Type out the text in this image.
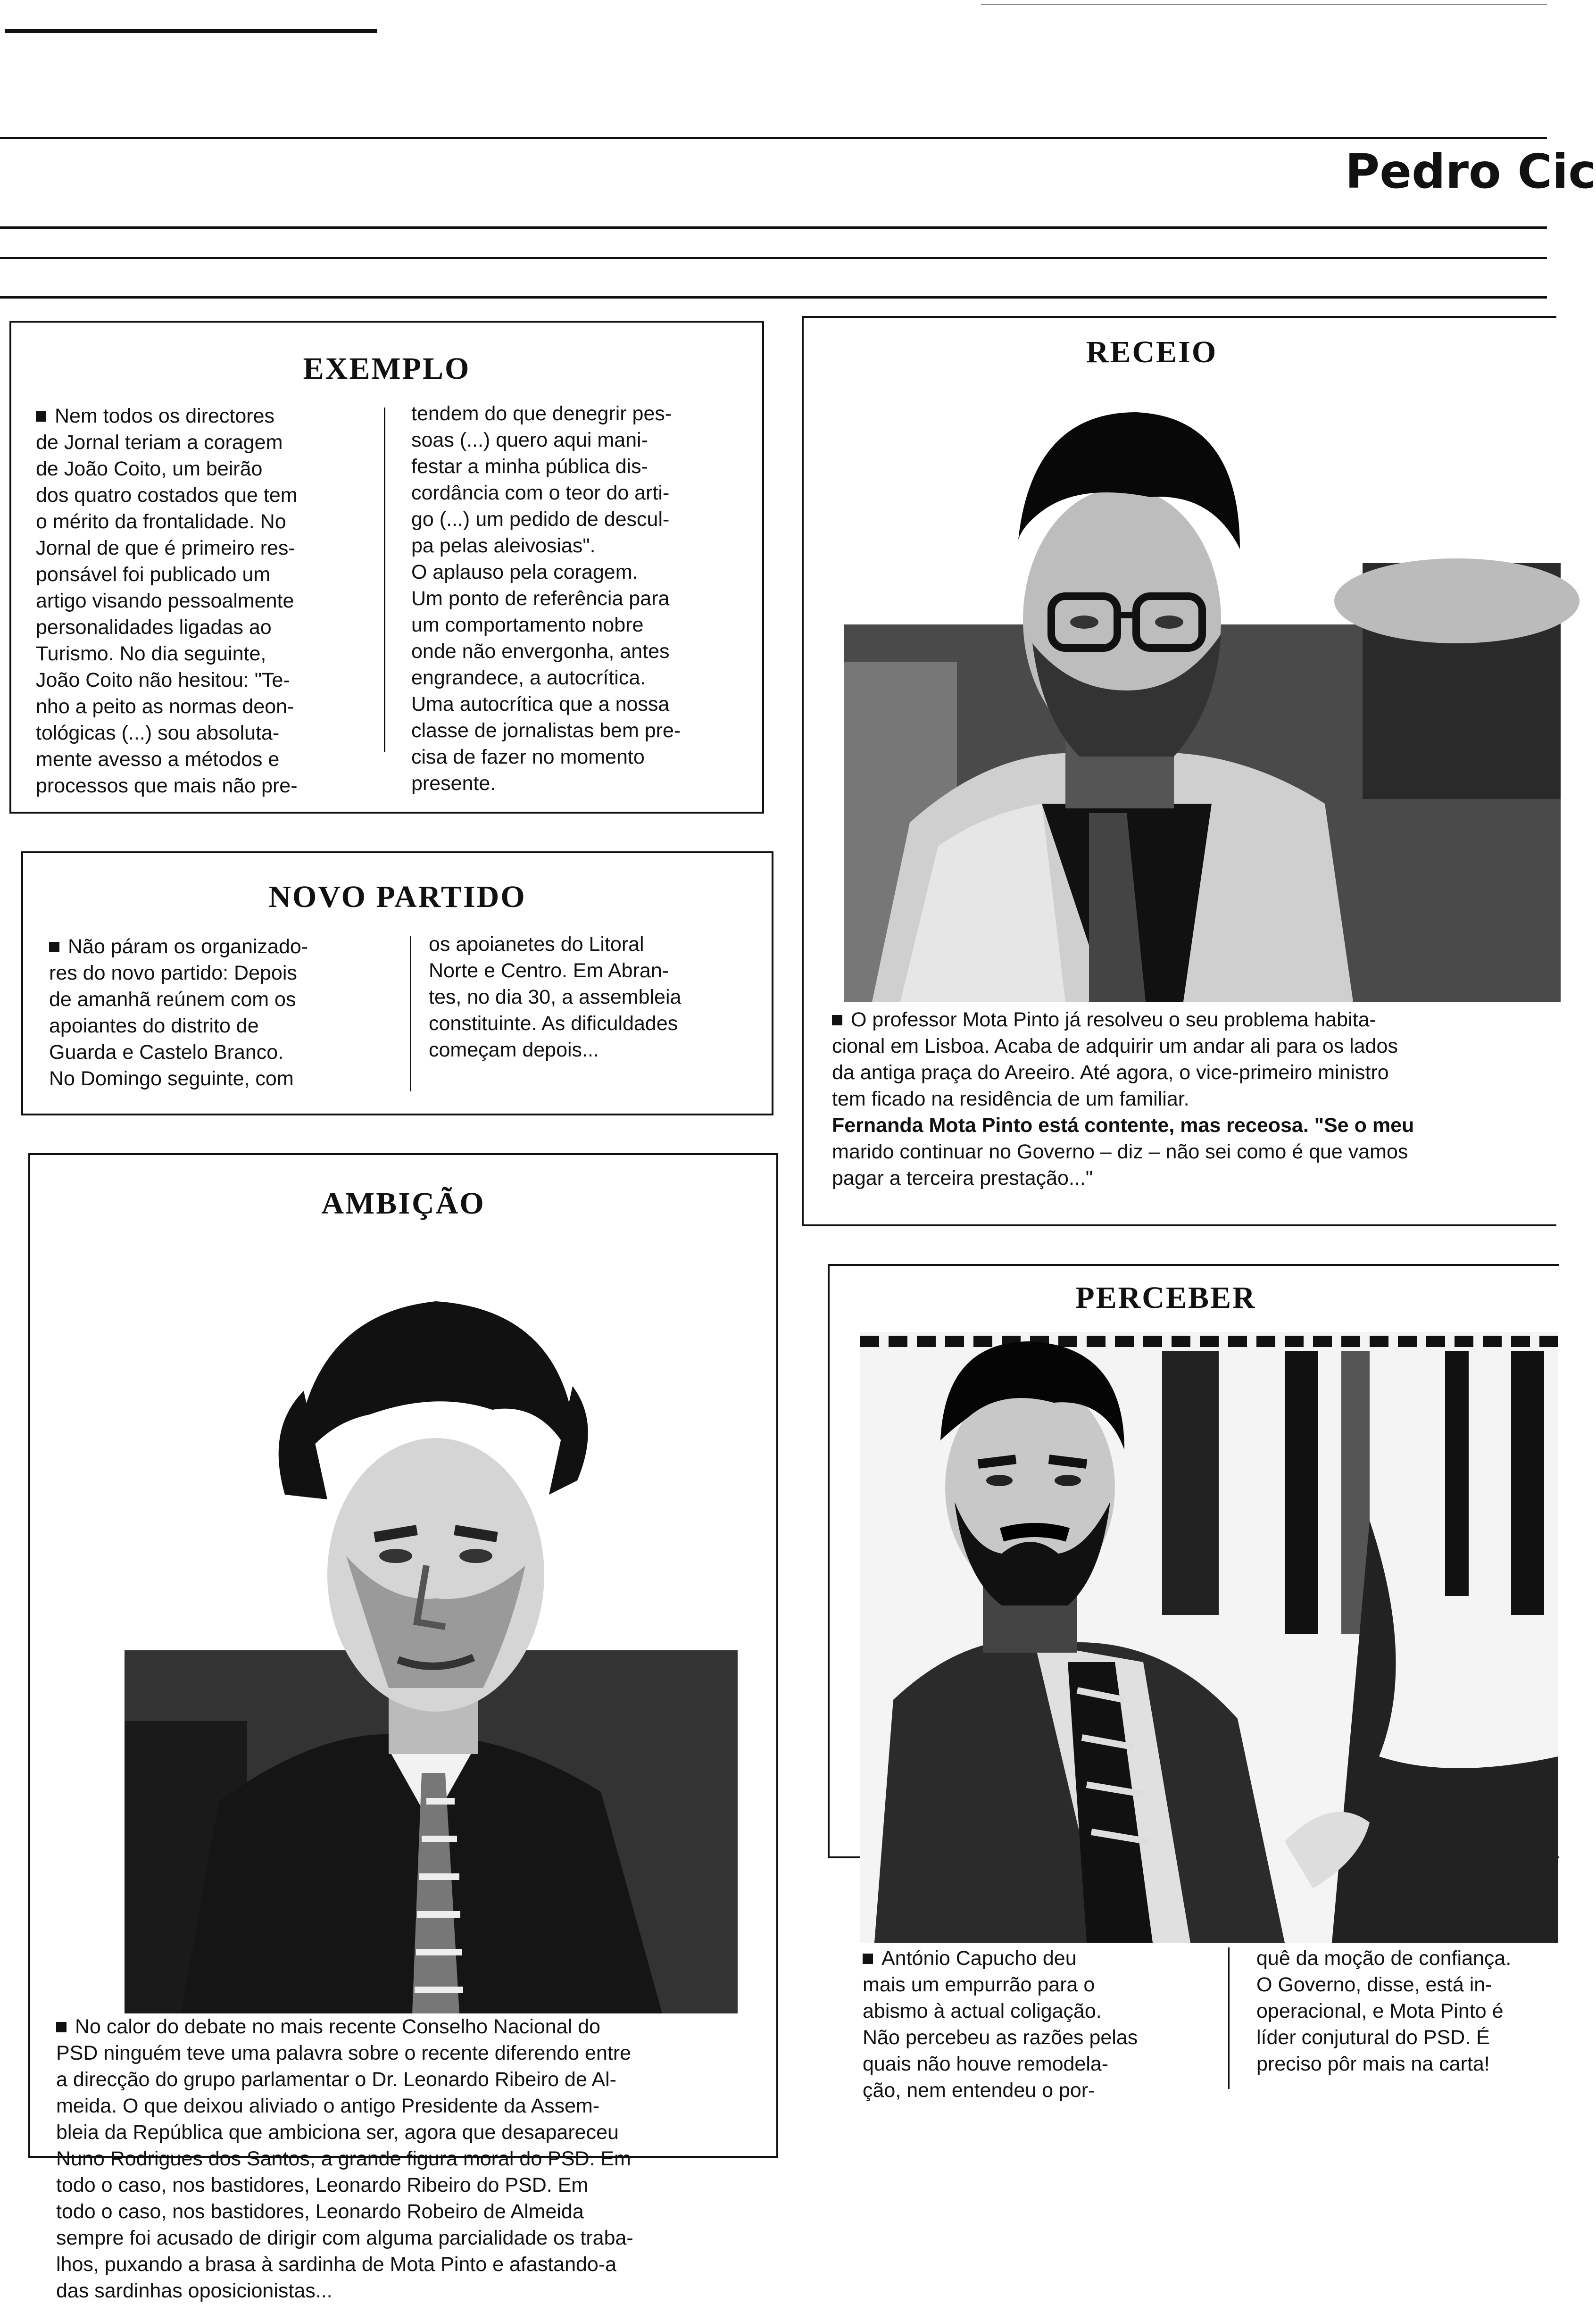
Pedro Cic
EXEMPLO
Nem todos os directores
de Jornal teriam a coragem
de João Coito, um beirão
dos quatro costados que tem
o mérito da frontalidade. No
Jornal de que é primeiro res-
ponsável foi publicado um
artigo visando pessoalmente
personalidades ligadas ao
Turismo. No dia seguinte,
João Coito não hesitou: "Te-
nho a peito as normas deon-
tológicas (...) sou absoluta-
mente avesso a métodos e
processos que mais não pre-
tendem do que denegrir pes-
soas (...) quero aqui mani-
festar a minha pública dis-
cordância com o teor do arti-
go (...) um pedido de descul-
pa pelas aleivosias".
O aplauso pela coragem.
Um ponto de referência para
um comportamento nobre
onde não envergonha, antes
engrandece, a autocrítica.
Uma autocrítica que a nossa
classe de jornalistas bem pre-
cisa de fazer no momento
presente.
NOVO PARTIDO
Não páram os organizado-
res do novo partido: Depois
de amanhã reúnem com os
apoiantes do distrito de
Guarda e Castelo Branco.
No Domingo seguinte, com
os apoianetes do Litoral
Norte e Centro. Em Abran-
tes, no dia 30, a assembleia
constituinte. As dificuldades
começam depois...
AMBIÇÃO
No calor do debate no mais recente Conselho Nacional do
PSD ninguém teve uma palavra sobre o recente diferendo entre
a direcção do grupo parlamentar o Dr. Leonardo Ribeiro de Al-
meida. O que deixou aliviado o antigo Presidente da Assem-
bleia da República que ambiciona ser, agora que desapareceu
Nuno Rodrigues dos Santos, a grande figura moral do PSD. Em
todo o caso, nos bastidores, Leonardo Ribeiro do PSD. Em
todo o caso, nos bastidores, Leonardo Robeiro de Almeida
sempre foi acusado de dirigir com alguma parcialidade os traba-
lhos, puxando a brasa à sardinha de Mota Pinto e afastando-a
das sardinhas oposicionistas...
RECEIO
O professor Mota Pinto já resolveu o seu problema habita-
cional em Lisboa. Acaba de adquirir um andar ali para os lados
da antiga praça do Areeiro. Até agora, o vice-primeiro ministro
tem ficado na residência de um familiar.
Fernanda Mota Pinto está contente, mas receosa. "Se o meu
marido continuar no Governo – diz – não sei como é que vamos
pagar a terceira prestação..."
PERCEBER
António Capucho deu
mais um empurrão para o
abismo à actual coligação.
Não percebeu as razões pelas
quais não houve remodela-
ção, nem entendeu o por-
quê da moção de confiança.
O Governo, disse, está in-
operacional, e Mota Pinto é
líder conjutural do PSD. É
preciso pôr mais na carta!
